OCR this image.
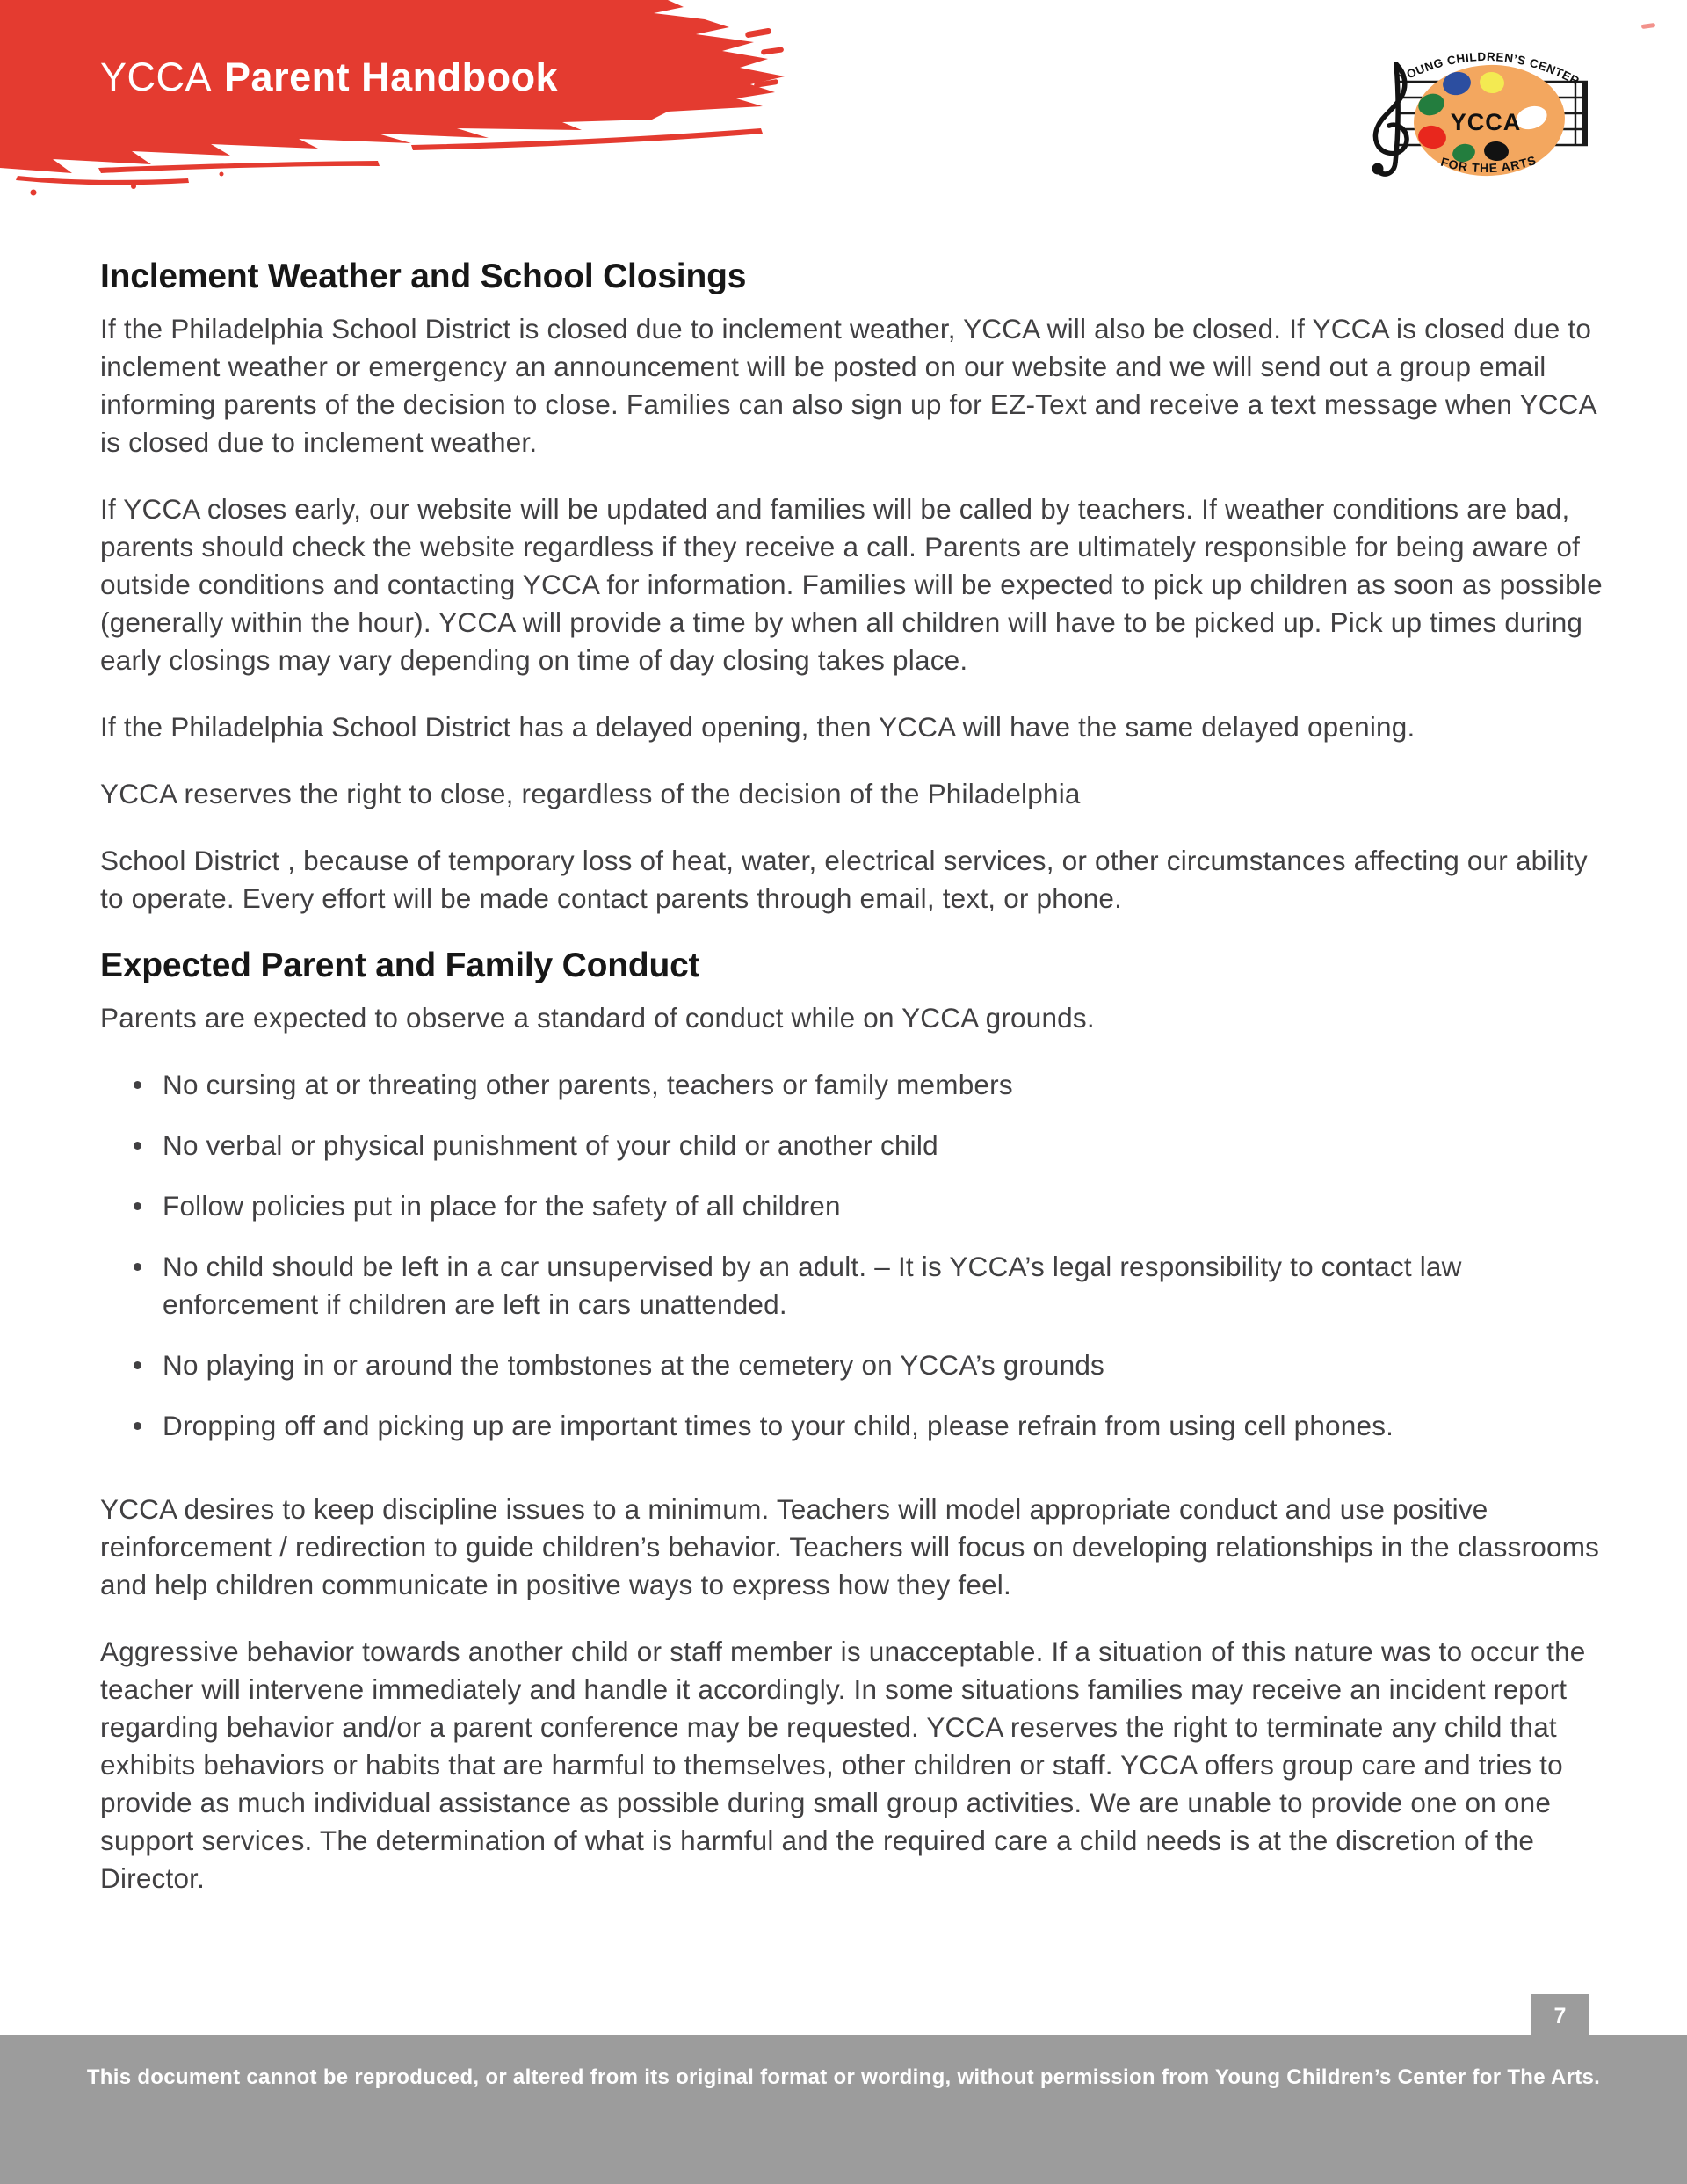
YCCA Parent Handbook
YCCA
YOUNG CHILDREN’S CENTER
FOR THE ARTS
Inclement Weather and School Closings

If the Philadelphia School District is closed due to inclement weather, YCCA will also be closed. If YCCA is closed due to inclement weather or emergency an announcement will be posted on our website and we will send out a group email informing parents of the decision to close. Families can also sign up for EZ-Text and receive a text message when YCCA is closed due to inclement weather.

If YCCA closes early, our website will be updated and families will be called by teachers. If weather conditions are bad, parents should check the website regardless if they receive a call. Parents are ultimately responsible for being aware of outside conditions and contacting YCCA for information. Families will be expected to pick up children as soon as possible (generally within the hour). YCCA will provide a time by when all children will have to be picked up. Pick up times during early closings may vary depending on time of day closing takes place.

If the Philadelphia School District has a delayed opening, then YCCA will have the same delayed opening.

YCCA reserves the right to close, regardless of the decision of the Philadelphia

School District , because of temporary loss of heat, water, electrical services, or other circumstances affecting our ability to operate. Every effort will be made contact parents through email, text, or phone.

Expected Parent and Family Conduct

Parents are expected to observe a standard of conduct while on YCCA grounds.

No cursing at or threating other parents, teachers or family members
No verbal or physical punishment of your child or another child
Follow policies put in place for the safety of all children
No child should be left in a car unsupervised by an adult. – It is YCCA’s legal responsibility to contact law enforcement if children are left in cars unattended.
No playing in or around the tombstones at the cemetery on YCCA’s grounds
Dropping off and picking up are important times to your child, please refrain from using cell phones.

YCCA desires to keep discipline issues to a minimum. Teachers will model appropriate conduct and use positive reinforcement / redirection to guide children’s behavior. Teachers will focus on developing relationships in the classrooms and help children communicate in positive ways to express how they feel.

Aggressive behavior towards another child or staff member is unacceptable. If a situation of this nature was to occur the teacher will intervene immediately and handle it accordingly. In some situations families may receive an incident report regarding behavior and/or a parent conference may be requested. YCCA reserves the right to terminate any child that exhibits behaviors or habits that are harmful to themselves, other children or staff. YCCA offers group care and tries to provide as much individual assistance as possible during small group activities. We are unable to provide one on one support services. The determination of what is harmful and the required care a child needs is at the discretion of the Director.

7
This document cannot be reproduced, or altered from its original format or wording, without permission from Young Children’s Center for The Arts.
